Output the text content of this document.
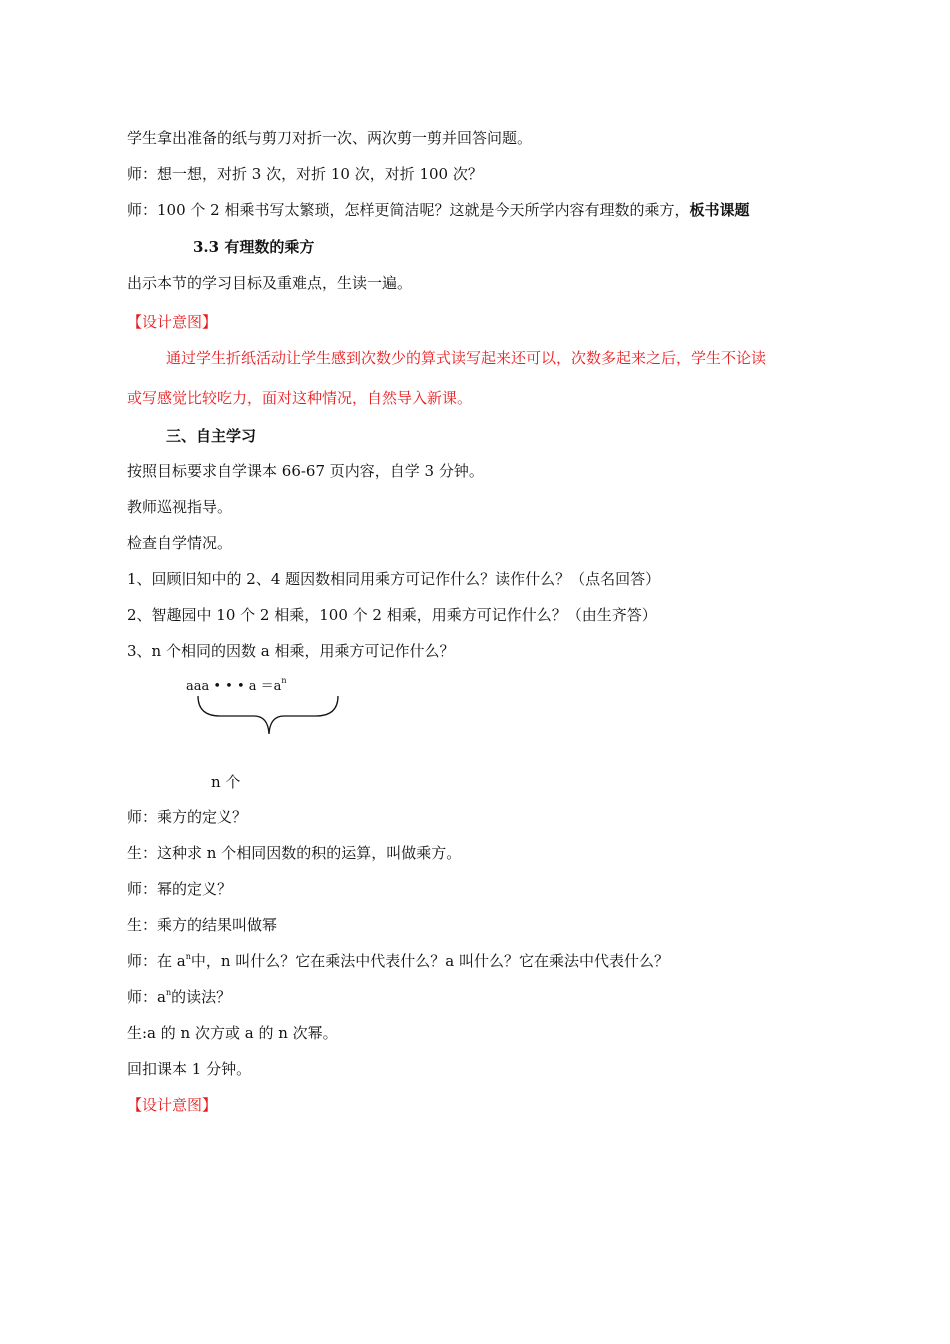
学生拿出准备的纸与剪刀对折一次、两次剪一剪并回答问题。
师：想一想，对折 3 次，对折 10 次，对折 100 次？
师：100 个 2 相乘书写太繁琐，怎样更简洁呢？这就是今天所学内容有理数的乘方，板书课题
3.3 有理数的乘方
出示本节的学习目标及重难点，生读一遍。
【设计意图】
通过学生折纸活动让学生感到次数少的算式读写起来还可以，次数多起来之后，学生不论读
或写感觉比较吃力，面对这种情况，自然导入新课。
三、自主学习
按照目标要求自学课本 66-67 页内容，自学 3 分钟。
教师巡视指导。
检查自学情况。
1、回顾旧知中的 2、4 题因数相同用乘方可记作什么？读作什么？（点名回答）
2、智趣园中 10 个 2 相乘，100 个 2 相乘，用乘方可记作什么？（由生齐答）
3、n 个相同的因数 a 相乘，用乘方可记作什么？
aaa • • • $a =a^n$
n 个
师：乘方的定义？
生：这种求 n 个相同因数的积的运算，叫做乘方。
师：幂的定义？
生：乘方的结果叫做幂
师：在 $a^n$中，n 叫什么？它在乘法中代表什么？a 叫什么？它在乘法中代表什么？
师：$a^n$的读法？
生:a 的 n 次方或 a 的 n 次幂。
回扣课本 1 分钟。
【设计意图】
